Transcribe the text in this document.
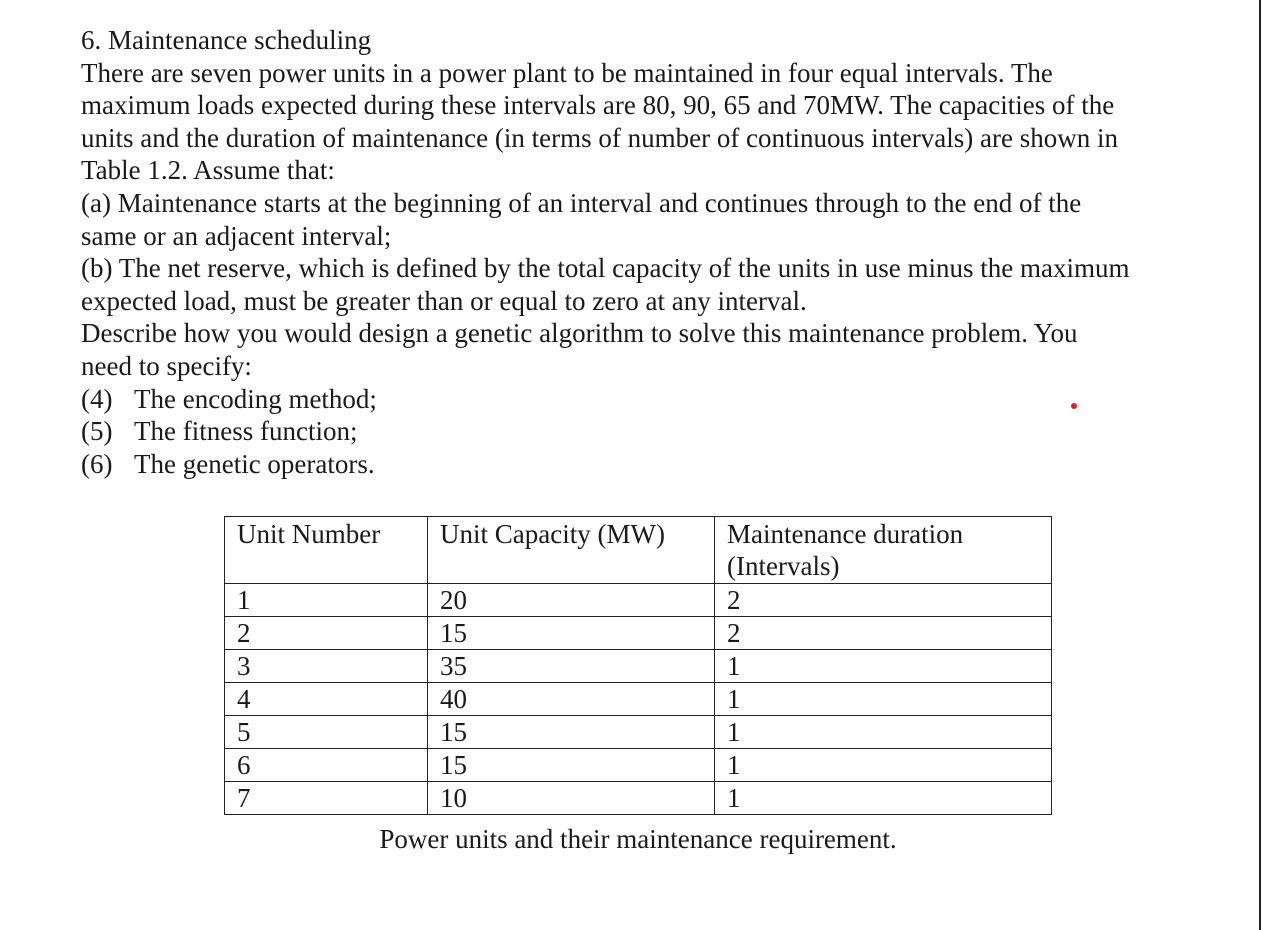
6. Maintenance scheduling

There are seven power units in a power plant to be maintained in four equal intervals. The

maximum loads expected during these intervals are 80, 90, 65 and 70MW. The capacities of the

units and the duration of maintenance (in terms of number of continuous intervals) are shown in

Table 1.2. Assume that:

(a) Maintenance starts at the beginning of an interval and continues through to the end of the

same or an adjacent interval;

(b) The net reserve, which is defined by the total capacity of the units in use minus the maximum

expected load, must be greater than or equal to zero at any interval.

Describe how you would design a genetic algorithm to solve this maintenance problem. You

need to specify:

(4) The encoding method;
(5) The fitness function;
(6) The genetic operators.
Unit Number	Unit Capacity (MW)	Maintenance duration
(Intervals)

1	20	2
2	15	2
3	35	1
4	40	1
5	15	1
6	15	1
7	10	1
Power units and their maintenance requirement.
